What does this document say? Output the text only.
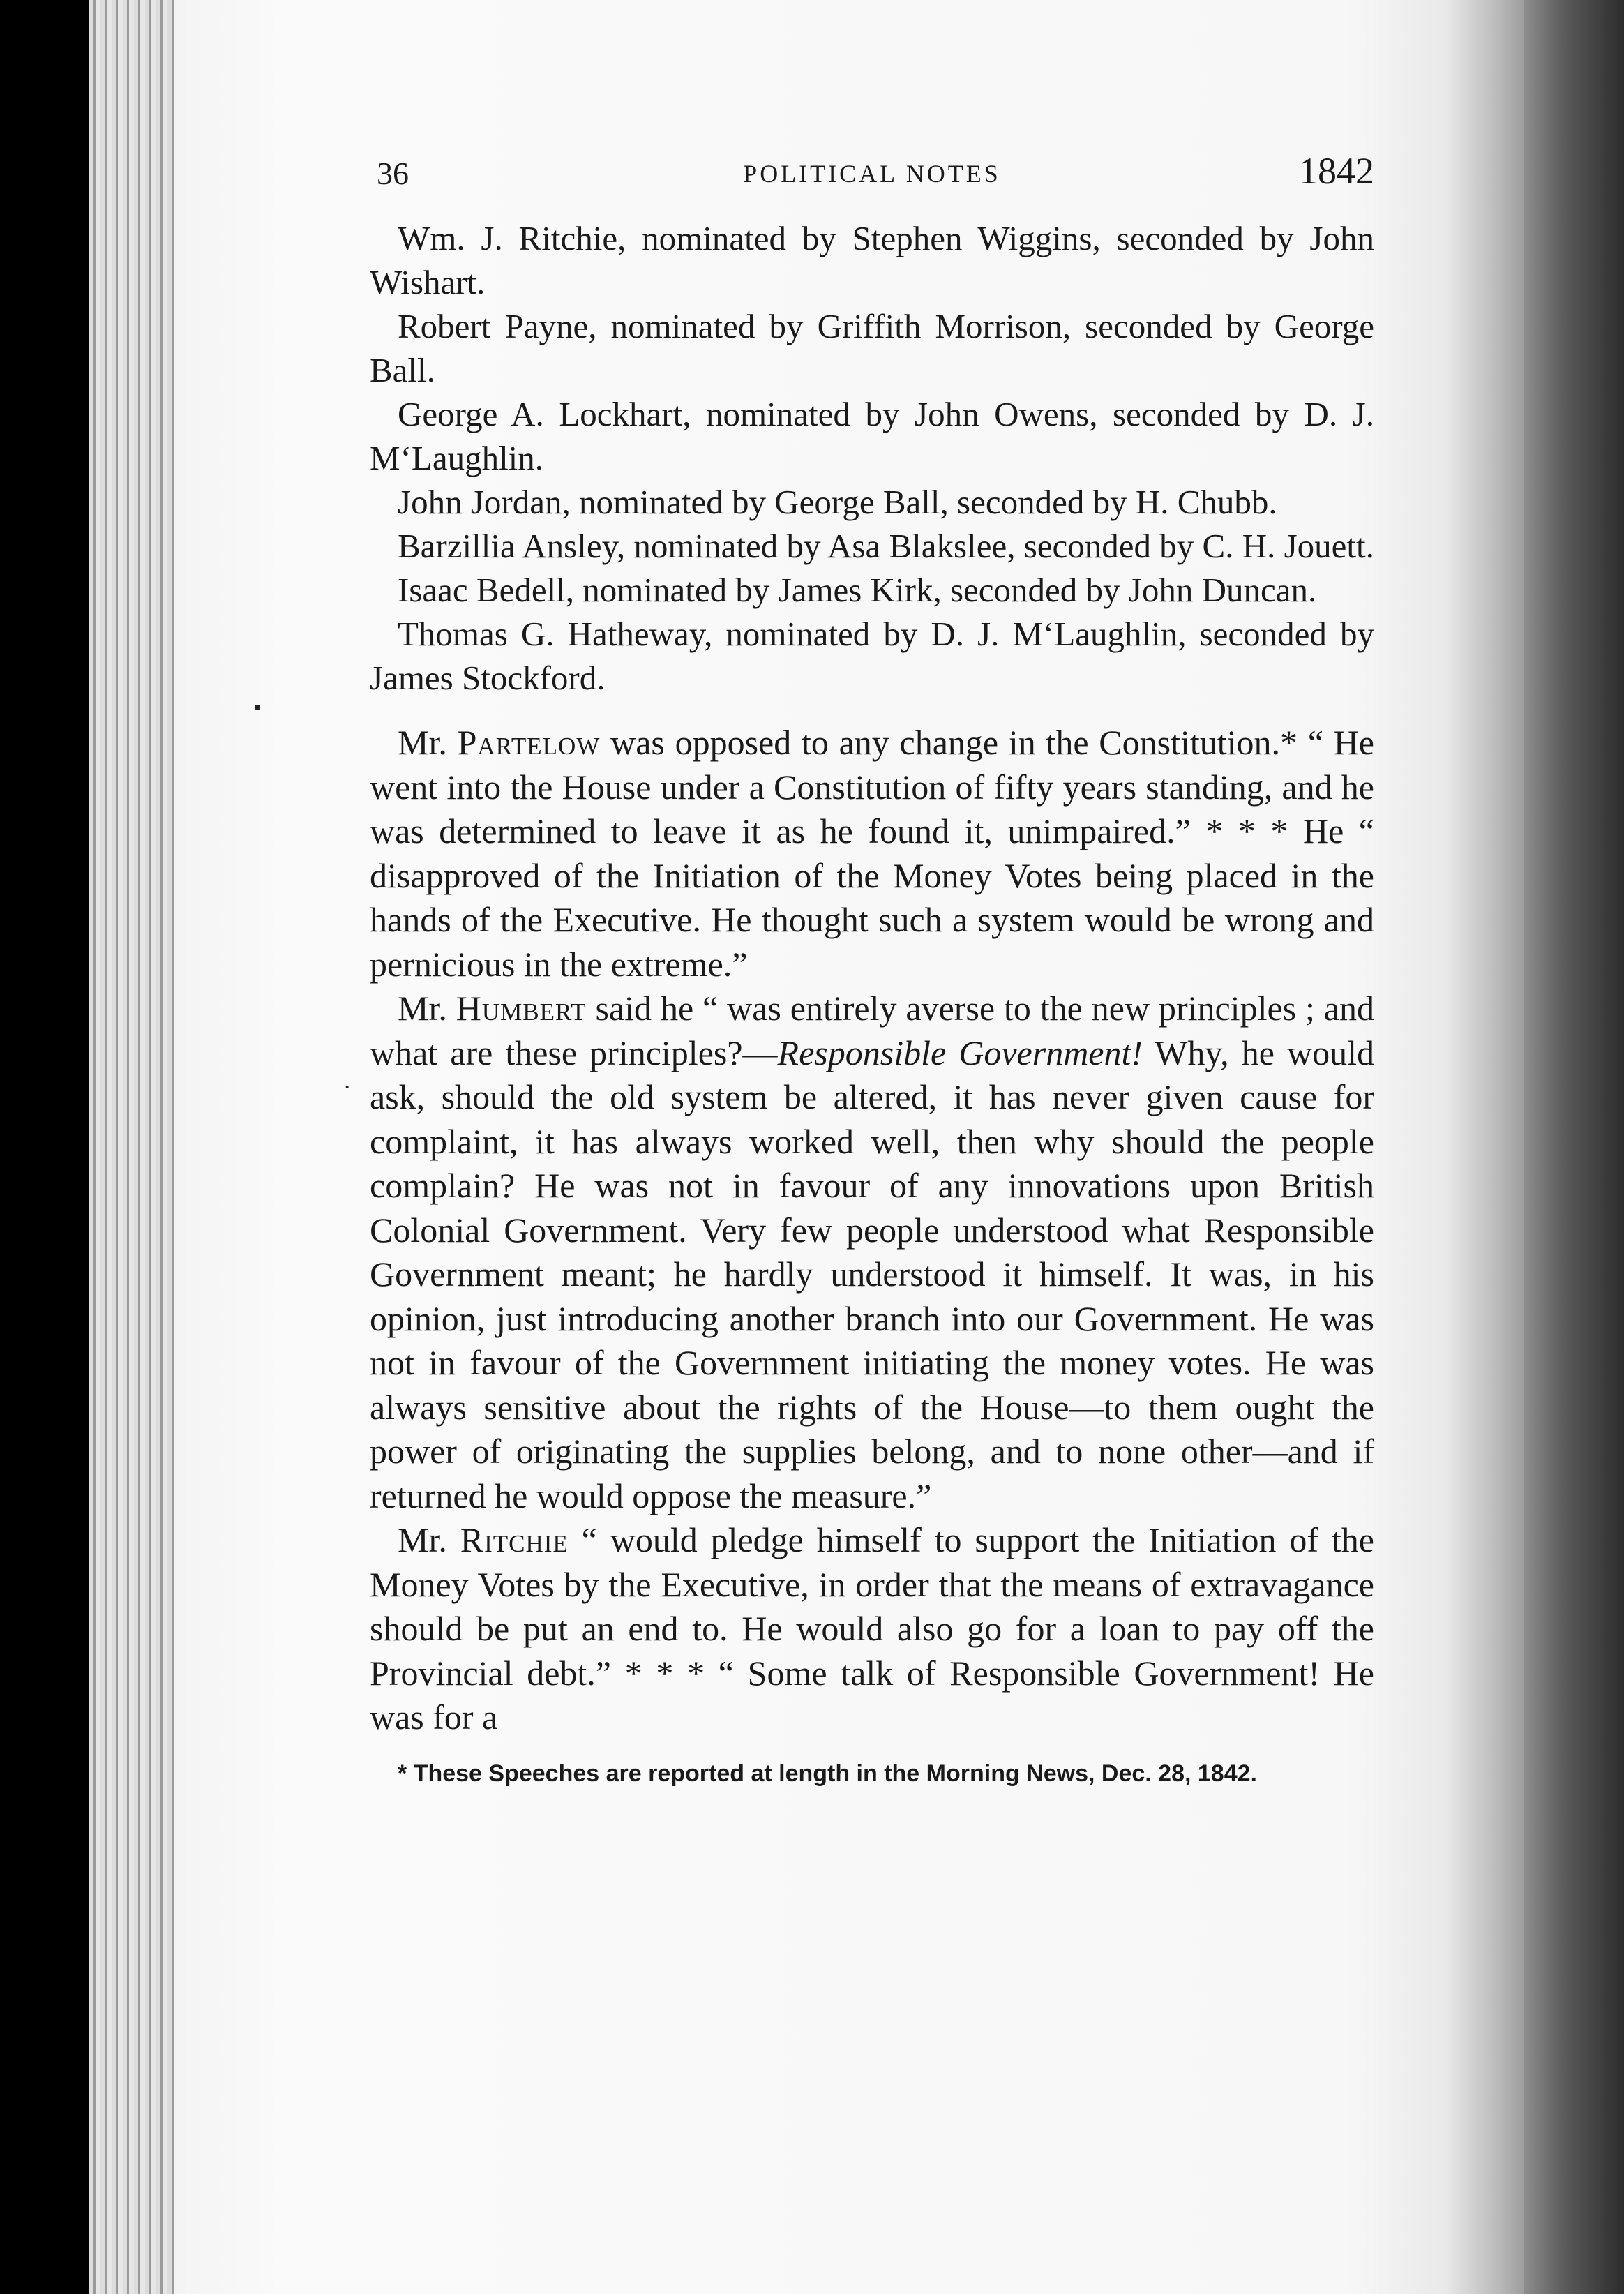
•
·
36	POLITICAL NOTES	1842

Wm. J. Ritchie, nominated by Stephen Wiggins, seconded by John Wishart.

Robert Payne, nominated by Griffith Morrison, seconded by George Ball.

George A. Lockhart, nominated by John Owens, seconded by D. J. M‘Laughlin.

John Jordan, nominated by George Ball, seconded by H. Chubb.

Barzillia Ansley, nominated by Asa Blakslee, seconded by C. H. Jouett.

Isaac Bedell, nominated by James Kirk, seconded by John Duncan.

Thomas G. Hatheway, nominated by D. J. M‘Laughlin, seconded by James Stockford.

Mr. Partelow was opposed to any change in the Constitution.* “ He went into the House under a Constitution of fifty years standing, and he was determined to leave it as he found it, unimpaired.” * * * He “ disapproved of the Initiation of the Money Votes being placed in the hands of the Executive. He thought such a system would be wrong and pernicious in the extreme.”

Mr. Humbert said he “ was entirely averse to the new principles ; and what are these principles?—Responsible Government! Why, he would ask, should the old system be altered, it has never given cause for complaint, it has always worked well, then why should the people complain? He was not in favour of any innovations upon British Colonial Government. Very few people understood what Responsible Government meant; he hardly understood it himself. It was, in his opinion, just introducing another branch into our Government. He was not in favour of the Government initiating the money votes. He was always sensitive about the rights of the House—to them ought the power of originating the supplies belong, and to none other—and if returned he would oppose the measure.”

Mr. Ritchie “ would pledge himself to support the Initiation of the Money Votes by the Executive, in order that the means of extravagance should be put an end to. He would also go for a loan to pay off the Provincial debt.” * * * “ Some talk of Responsible Government! He was for a

* These Speeches are reported at length in the Morning News, Dec. 28, 1842.
